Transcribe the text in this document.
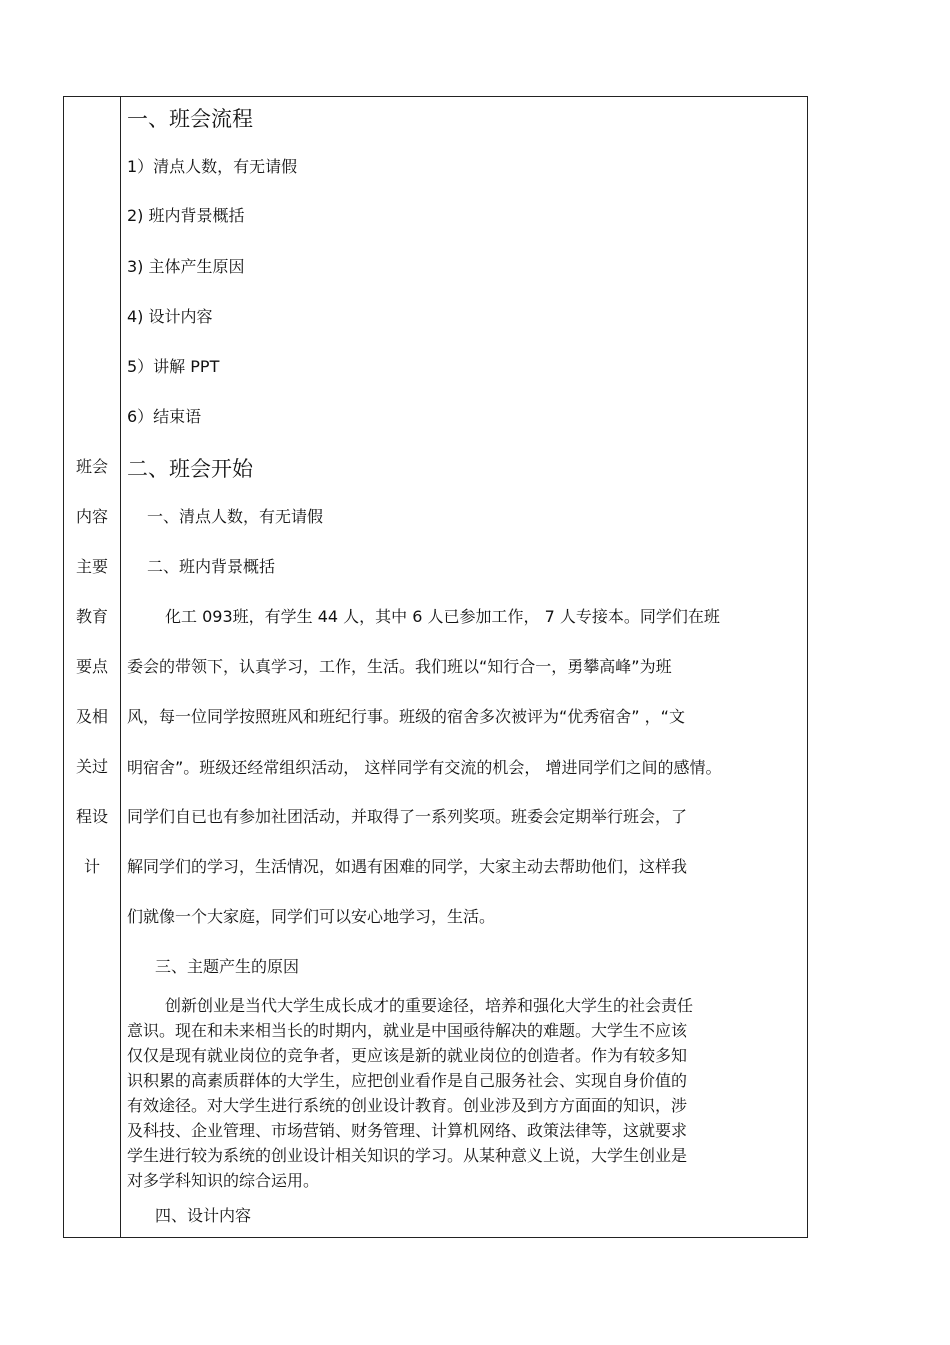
班会
内容
主要
教育
要点
及相
关过
程设
计
一、班会流程
1）清点人数，有无请假
2) 班内背景概括
3) 主体产生原因
4) 设计内容
5）讲解 PPT
6）结束语
二、班会开始
一、清点人数，有无请假
二、班内背景概括
化工 093班，有学生 44 人，其中 6 人已参加工作， 7 人专接本。同学们在班
委会的带领下，认真学习，工作，生活。我们班以“知行合一，勇攀高峰”为班
风，每一位同学按照班风和班纪行事。班级的宿舍多次被评为“优秀宿舍” ，“文
明宿舍”。班级还经常组织活动， 这样同学有交流的机会， 增进同学们之间的感情。
同学们自已也有参加社团活动，并取得了一系列奖项。班委会定期举行班会，了
解同学们的学习，生活情况，如遇有困难的同学，大家主动去帮助他们，这样我
们就像一个大家庭，同学们可以安心地学习，生活。
三、主题产生的原因
创新创业是当代大学生成长成才的重要途径，培养和强化大学生的社会责任
意识。现在和未来相当长的时期内，就业是中国亟待解决的难题。大学生不应该
仅仅是现有就业岗位的竞争者，更应该是新的就业岗位的创造者。作为有较多知
识积累的高素质群体的大学生，应把创业看作是自己服务社会、实现自身价值的
有效途径。对大学生进行系统的创业设计教育。创业涉及到方方面面的知识，涉
及科技、企业管理、市场营销、财务管理、计算机网络、政策法律等，这就要求
学生进行较为系统的创业设计相关知识的学习。从某种意义上说，大学生创业是
对多学科知识的综合运用。
四、设计内容
